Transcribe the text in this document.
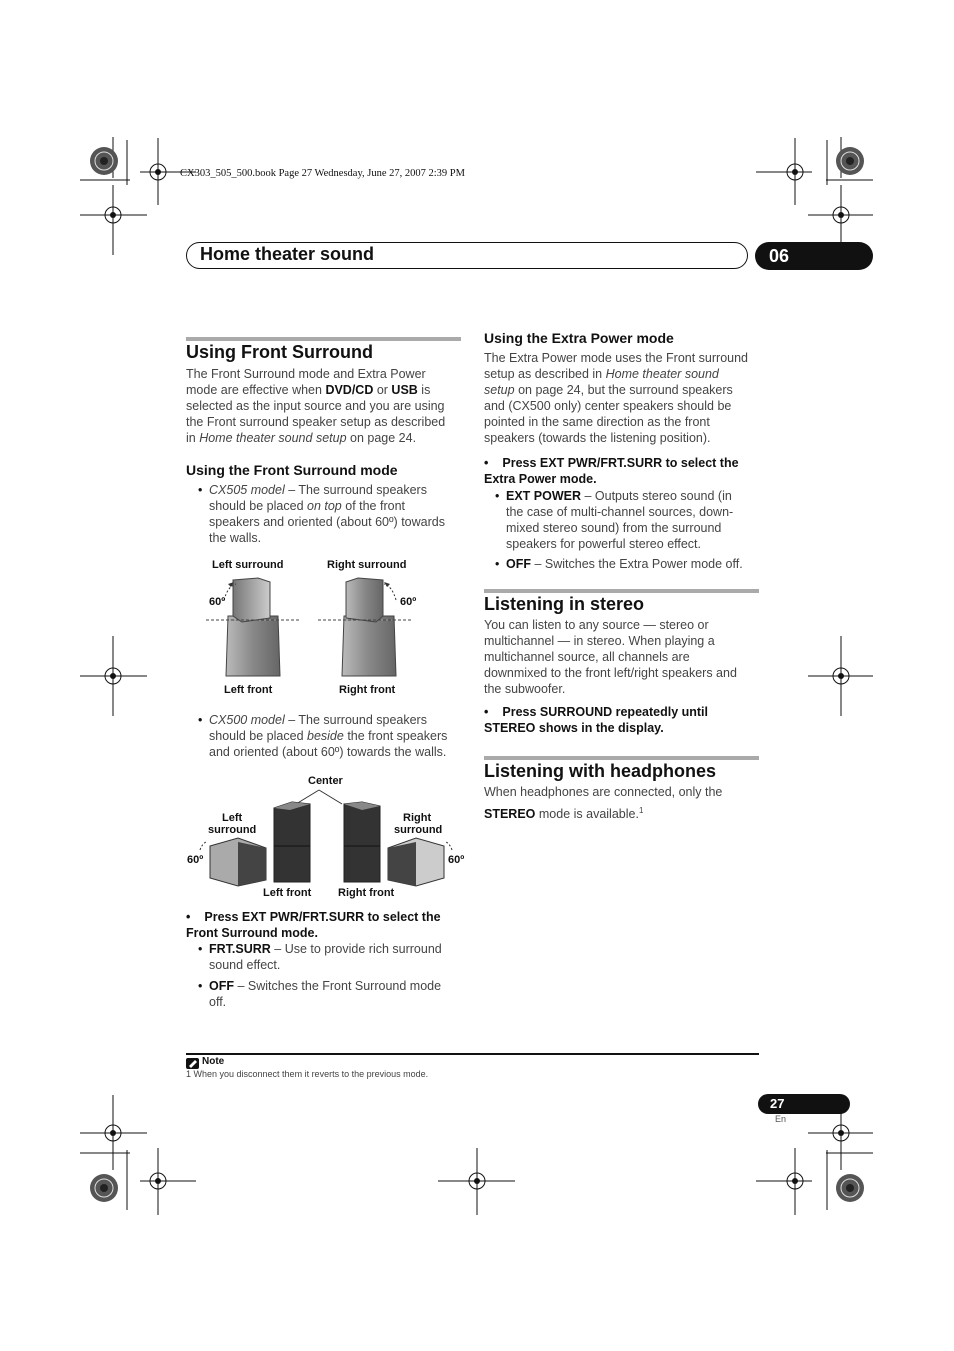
CX303_505_500.book Page 27 Wednesday, June 27, 2007 2:39 PM
Home theater sound	06
Using Front Surround
The Front Surround mode and Extra Power
mode are effective when DVD/CD or USB is
selected as the input source and you are using
the Front surround speaker setup as described
in Home theater sound setup on page 24.
Using the Front Surround mode
• CX505 model – The surround speakers
should be placed on top of the front
speakers and oriented (about 60º) towards
the walls.
Left surround	Right surround
60º	60º
Left front	Right front
• CX500 model – The surround speakers
should be placed beside the front speakers
and oriented (about 60º) towards the walls.
Center
Left
surround
Right
surround
60º	60º
Left front Right front
• Press EXT PWR/FRT.SURR to select the
Front Surround mode.
• FRT.SURR – Use to provide rich surround
sound effect.
• OFF – Switches the Front Surround mode
off.
Using the Extra Power mode
The Extra Power mode uses the Front surround
setup as described in Home theater sound
setup on page 24, but the surround speakers
and (CX500 only) center speakers should be
pointed in the same direction as the front
speakers (towards the listening position).
• Press EXT PWR/FRT.SURR to select the
Extra Power mode.
• EXT POWER – Outputs stereo sound (in
the case of multi-channel sources, down-
mixed stereo sound) from the surround
speakers for powerful stereo effect.
• OFF – Switches the Extra Power mode off.
Listening in stereo
You can listen to any source — stereo or
multichannel — in stereo. When playing a
multichannel source, all channels are
downmixed to the front left/right speakers and
the subwoofer.
• Press SURROUND repeatedly until
STEREO shows in the display.
Listening with headphones
When headphones are connected, only the
STEREO mode is available.$^1$
Note
1 When you disconnect them it reverts to the previous mode.
27
En
